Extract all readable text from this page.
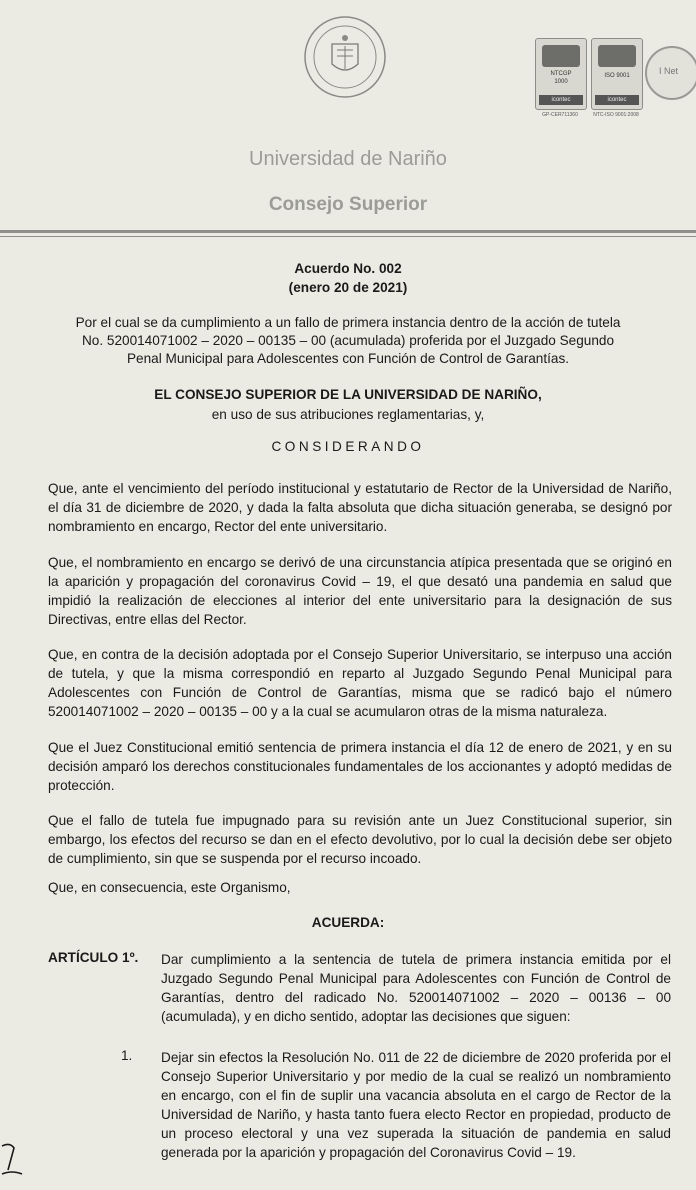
NTCGP
1000
icontec
GP-CER711360
ISO 9001
icontec
NTC-ISO 9001:2008
I Net
Universidad de Nariño
Consejo Superior
Acuerdo No. 002
(enero 20 de 2021)
Por el cual se da cumplimiento a un fallo de primera instancia dentro de la acción de tutela No. 520014071002 – 2020 – 00135 – 00 (acumulada) proferida por el Juzgado Segundo Penal Municipal para Adolescentes con Función de Control de Garantías.
EL CONSEJO SUPERIOR DE LA UNIVERSIDAD DE NARIÑO,
en uso de sus atribuciones reglamentarias, y,
CONSIDERANDO
Que, ante el vencimiento del período institucional y estatutario de Rector de la Universidad de Nariño, el día 31 de diciembre de 2020, y dada la falta absoluta que dicha situación generaba, se designó por nombramiento en encargo, Rector del ente universitario.
Que, el nombramiento en encargo se derivó de una circunstancia atípica presentada que se originó en la aparición y propagación del coronavirus Covid – 19, el que desató una pandemia en salud que impidió la realización de elecciones al interior del ente universitario para la designación de sus Directivas, entre ellas del Rector.
Que, en contra de la decisión adoptada por el Consejo Superior Universitario, se interpuso una acción de tutela, y que la misma correspondió en reparto al Juzgado Segundo Penal Municipal para Adolescentes con Función de Control de Garantías, misma que se radicó bajo el número 520014071002 – 2020 – 00135 – 00 y a la cual se acumularon otras de la misma naturaleza.
Que el Juez Constitucional emitió sentencia de primera instancia el día 12 de enero de 2021, y en su decisión amparó los derechos constitucionales fundamentales de los accionantes y adoptó medidas de protección.
Que el fallo de tutela fue impugnado para su revisión ante un Juez Constitucional superior, sin embargo, los efectos del recurso se dan en el efecto devolutivo, por lo cual la decisión debe ser objeto de cumplimiento, sin que se suspenda por el recurso incoado.
Que, en consecuencia, este Organismo,
ACUERDA:
ARTÍCULO 1º. Dar cumplimiento a la sentencia de tutela de primera instancia emitida por el Juzgado Segundo Penal Municipal para Adolescentes con Función de Control de Garantías, dentro del radicado No. 520014071002 – 2020 – 00136 – 00 (acumulada), y en dicho sentido, adoptar las decisiones que siguen:
1. Dejar sin efectos la Resolución No. 011 de 22 de diciembre de 2020 proferida por el Consejo Superior Universitario y por medio de la cual se realizó un nombramiento en encargo, con el fin de suplir una vacancia absoluta en el cargo de Rector de la Universidad de Nariño, y hasta tanto fuera electo Rector en propiedad, producto de un proceso electoral y una vez superada la situación de pandemia en salud generada por la aparición y propagación del Coronavirus Covid – 19.
